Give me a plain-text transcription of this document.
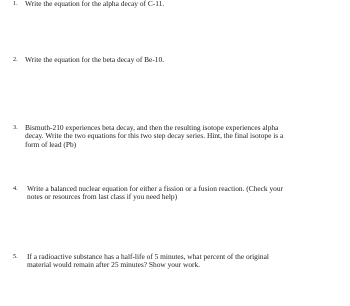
1. Write the equation for the alpha decay of C-11.
2. Write the equation for the beta decay of Be-10.
3. Bismuth-210 experiences beta decay, and then the resulting isotope experiences alpha
decay. Write the two equations for this two step decay series. Hint, the final isotope is a
form of lead (Pb)
4. Write a balanced nuclear equation for either a fission or a fusion reaction. (Check your
notes or resources from last class if you need help)
5. If a radioactive substance has a half-life of 5 minutes, what percent of the original
material would remain after 25 minutes? Show your work.
